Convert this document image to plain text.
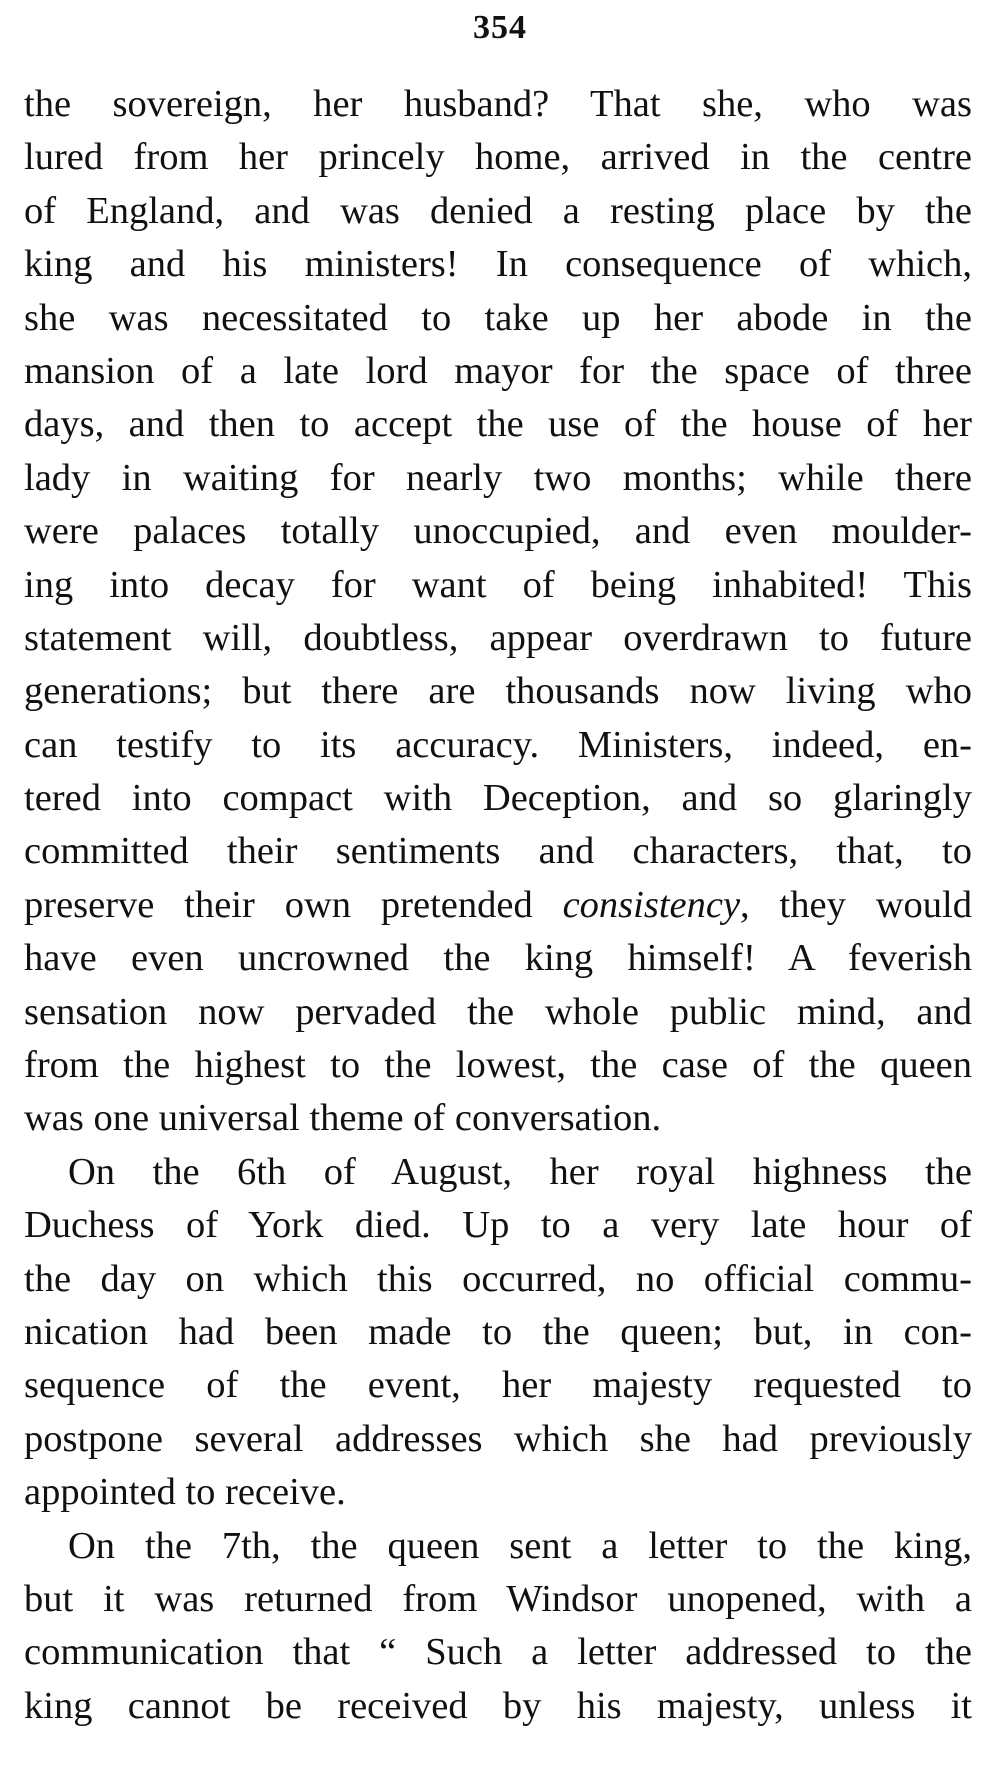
354
the sovereign, her husband? That she, who was
lured from her princely home, arrived in the centre
of England, and was denied a resting place by the
king and his ministers! In consequence of which,
she was necessitated to take up her abode in the
mansion of a late lord mayor for the space of three
days, and then to accept the use of the house of her
lady in waiting for nearly two months; while there
were palaces totally unoccupied, and even moulder-
ing into decay for want of being inhabited! This
statement will, doubtless, appear overdrawn to future
generations; but there are thousands now living who
can testify to its accuracy. Ministers, indeed, en-
tered into compact with Deception, and so glaringly
committed their sentiments and characters, that, to
preserve their own pretended consistency, they would
have even uncrowned the king himself! A feverish
sensation now pervaded the whole public mind, and
from the highest to the lowest, the case of the queen
was one universal theme of conversation.
On the 6th of August, her royal highness the
Duchess of York died. Up to a very late hour of
the day on which this occurred, no official commu-
nication had been made to the queen; but, in con-
sequence of the event, her majesty requested to
postpone several addresses which she had previously
appointed to receive.
On the 7th, the queen sent a letter to the king,
but it was returned from Windsor unopened, with a
communication that “ Such a letter addressed to the
king cannot be received by his majesty, unless it
